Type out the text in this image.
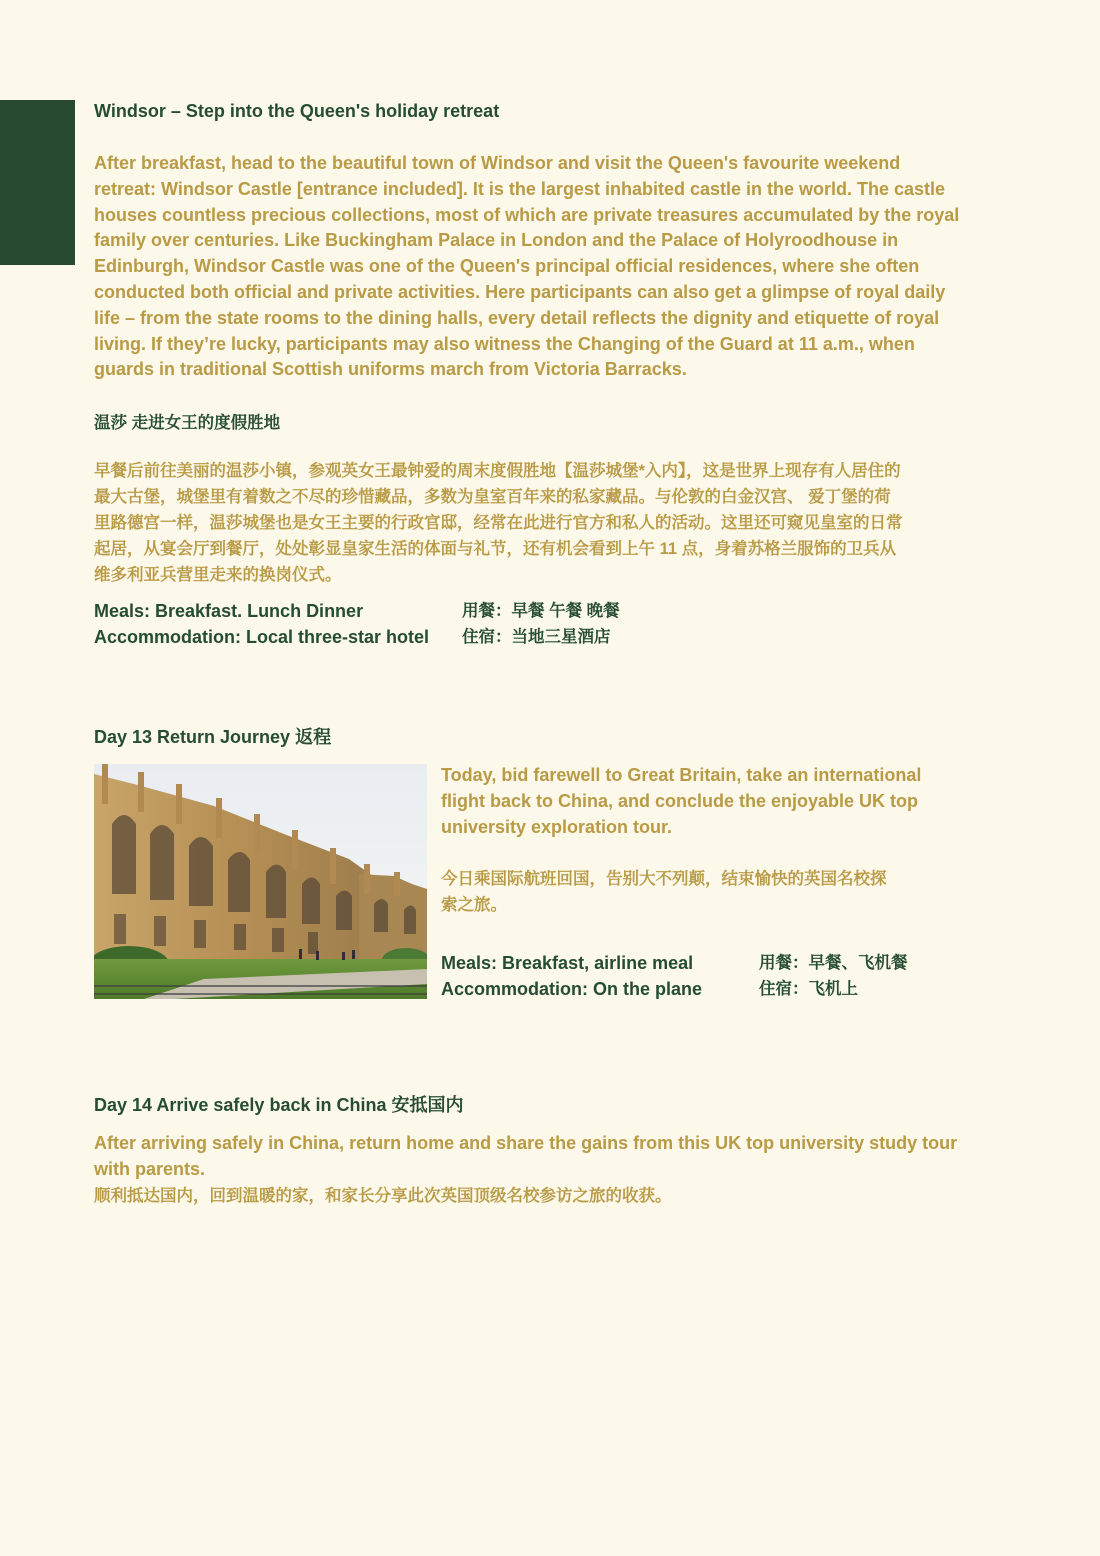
Windsor – Step into the Queen's holiday retreat
After breakfast, head to the beautiful town of Windsor and visit the Queen's favourite weekend
retreat: Windsor Castle [entrance included]. It is the largest inhabited castle in the world. The castle
houses countless precious collections, most of which are private treasures accumulated by the royal
family over centuries. Like Buckingham Palace in London and the Palace of Holyroodhouse in
Edinburgh, Windsor Castle was one of the Queen's principal official residences, where she often
conducted both official and private activities. Here participants can also get a glimpse of royal daily
life – from the state rooms to the dining halls, every detail reflects the dignity and etiquette of royal
living. If they’re lucky, participants may also witness the Changing of the Guard at 11 a.m., when
guards in traditional Scottish uniforms march from Victoria Barracks.
温莎 走进女王的度假胜地
早餐后前往美丽的温莎小镇，参观英女王最钟爱的周末度假胜地【温莎城堡*入内】，这是世界上现存有人居住的
最大古堡，城堡里有着数之不尽的珍惜藏品，多数为皇室百年来的私家藏品。与伦敦的白金汉宫、 爱丁堡的荷
里路德宫一样，温莎城堡也是女王主要的行政官邸，经常在此进行官方和私人的活动。这里还可窥见皇室的日常
起居，从宴会厅到餐厅，处处彰显皇家生活的体面与礼节，还有机会看到上午 11 点，身着苏格兰服饰的卫兵从
维多利亚兵营里走来的换岗仪式。
Meals: Breakfast. Lunch Dinner	用餐：早餐 午餐 晚餐
Accommodation: Local three-star hotel	住宿：当地三星酒店
Day 13 Return Journey 返程
Today, bid farewell to Great Britain, take an international
flight back to China, and conclude the enjoyable UK top
university exploration tour.
今日乘国际航班回国，告别大不列颠，结束愉快的英国名校探
索之旅。
Meals: Breakfast, airline meal	用餐：早餐、飞机餐
Accommodation: On the plane	住宿：飞机上
Day 14 Arrive safely back in China 安抵国内
After arriving safely in China, return home and share the gains from this UK top university study tour
with parents.
顺利抵达国内，回到温暖的家，和家长分享此次英国顶级名校参访之旅的收获。
